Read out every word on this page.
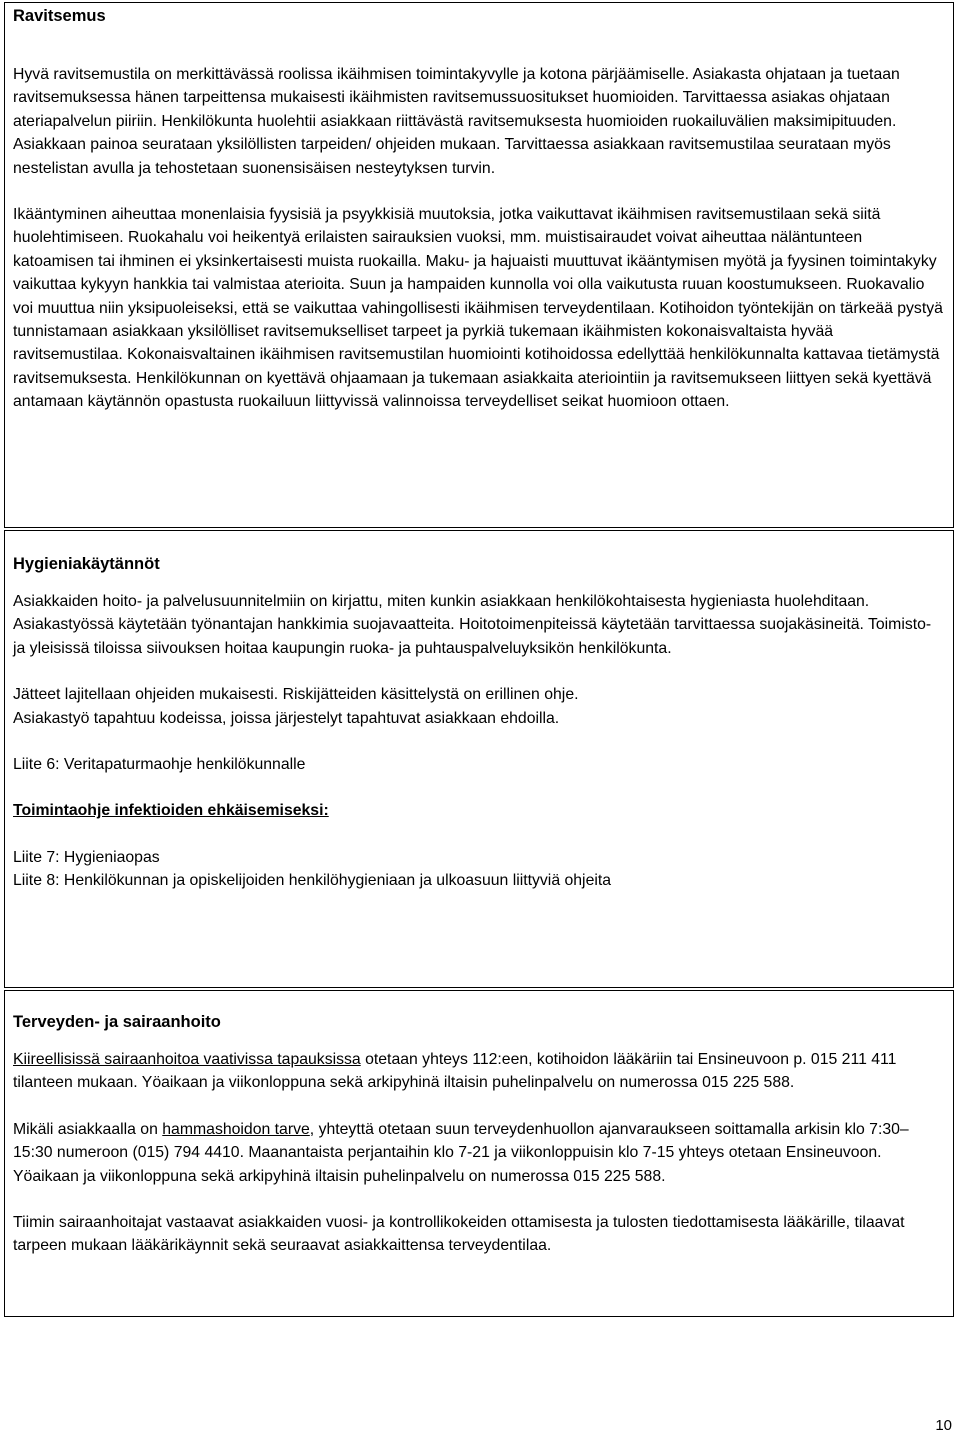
Ravitsemus

Hyvä ravitsemustila on merkittävässä roolissa ikäihmisen toimintakyvylle ja kotona pärjäämiselle. Asiakasta ohjataan ja tuetaan ravitsemuksessa hänen tarpeittensa mukaisesti ikäihmisten ravitsemussuositukset huomioiden. Tarvittaessa asiakas ohjataan ateriapalvelun piiriin. Henkilökunta huolehtii asiakkaan riittävästä ravitsemuksesta huomioiden ruokailuvälien maksimipituuden. Asiakkaan painoa seurataan yksilöllisten tarpeiden/ ohjeiden mukaan. Tarvittaessa asiakkaan ravitsemustilaa seurataan myös nestelistan avulla ja tehostetaan suonensisäisen nesteytyksen turvin.

Ikääntyminen aiheuttaa monenlaisia fyysisiä ja psyykkisiä muutoksia, jotka vaikuttavat ikäihmisen ravitsemustilaan sekä siitä huolehtimiseen. Ruokahalu voi heikentyä erilaisten sairauksien vuoksi, mm. muistisairaudet voivat aiheuttaa näläntunteen katoamisen tai ihminen ei yksinkertaisesti muista ruokailla. Maku- ja hajuaisti muuttuvat ikääntymisen myötä ja fyysinen toimintakyky vaikuttaa kykyyn hankkia tai valmistaa aterioita. Suun ja hampaiden kunnolla voi olla vaikutusta ruuan koostumukseen. Ruokavalio voi muuttua niin yksipuoleiseksi, että se vaikuttaa vahingollisesti ikäihmisen terveydentilaan. Kotihoidon työntekijän on tärkeää pystyä tunnistamaan asiakkaan yksilölliset ravitsemukselliset tarpeet ja pyrkiä tukemaan ikäihmisten kokonaisvaltaista hyvää ravitsemustilaa. Kokonaisvaltainen ikäihmisen ravitsemustilan huomiointi kotihoidossa edellyttää henkilökunnalta kattavaa tietämystä ravitsemuksesta. Henkilökunnan on kyettävä ohjaamaan ja tukemaan asiakkaita ateriointiin ja ravitsemukseen liittyen sekä kyettävä antamaan käytännön opastusta ruokailuun liittyvissä valinnoissa terveydelliset seikat huomioon ottaen.

Hygieniakäytännöt

Asiakkaiden hoito- ja palvelusuunnitelmiin on kirjattu, miten kunkin asiakkaan henkilökohtaisesta hygieniasta huolehditaan.

Asiakastyössä käytetään työnantajan hankkimia suojavaatteita. Hoitotoimenpiteissä käytetään tarvittaessa suojakäsineitä. Toimisto- ja yleisissä tiloissa siivouksen hoitaa kaupungin ruoka- ja puhtauspalveluyksikön henkilökunta.

Jätteet lajitellaan ohjeiden mukaisesti. Riskijätteiden käsittelystä on erillinen ohje.

Asiakastyö tapahtuu kodeissa, joissa järjestelyt tapahtuvat asiakkaan ehdoilla.

Liite 6: Veritapaturmaohje henkilökunnalle

Toimintaohje infektioiden ehkäisemiseksi:

Liite 7: Hygieniaopas

Liite 8: Henkilökunnan ja opiskelijoiden henkilöhygieniaan ja ulkoasuun liittyviä ohjeita

Terveyden- ja sairaanhoito

Kiireellisissä sairaanhoitoa vaativissa tapauksissa otetaan yhteys 112:een, kotihoidon lääkäriin tai Ensineuvoon p. 015 211 411 tilanteen mukaan. Yöaikaan ja viikonloppuna sekä arkipyhinä iltaisin puhelinpalvelu on numerossa 015 225 588.

Mikäli asiakkaalla on hammashoidon tarve, yhteyttä otetaan suun terveydenhuollon ajanvaraukseen soittamalla arkisin klo 7:30–15:30 numeroon (015) 794 4410. Maanantaista perjantaihin klo 7-21 ja viikonloppuisin klo 7-15 yhteys otetaan Ensineuvoon. Yöaikaan ja viikonloppuna sekä arkipyhinä iltaisin puhelinpalvelu on numerossa 015 225 588.

Tiimin sairaanhoitajat vastaavat asiakkaiden vuosi- ja kontrollikokeiden ottamisesta ja tulosten tiedottamisesta lääkärille, tilaavat tarpeen mukaan lääkärikäynnit sekä seuraavat asiakkaittensa terveydentilaa.

10
